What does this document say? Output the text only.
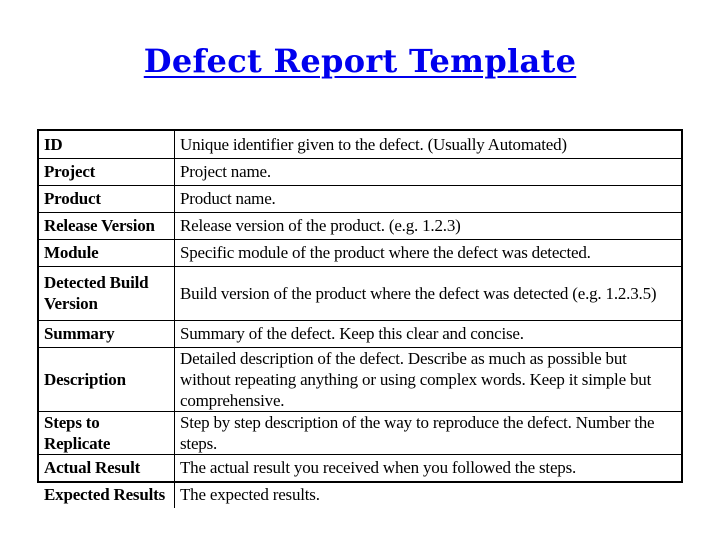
Defect Report Template
ID	Unique identifier given to the defect. (Usually Automated)
Project	Project name.
Product	Product name.
Release Version	Release version of the product. (e.g. 1.2.3)
Module	Specific module of the product where the defect was detected.
Detected Build Version	Build version of the product where the defect was detected (e.g. 1.2.3.5)
Summary	Summary of the defect. Keep this clear and concise.
Description	Detailed description of the defect. Describe as much as possible but without repeating anything or using complex words. Keep it simple but comprehensive.
Steps to Replicate	Step by step description of the way to reproduce the defect. Number the steps.
Actual Result	The actual result you received when you followed the steps.
Expected Results	The expected results.
